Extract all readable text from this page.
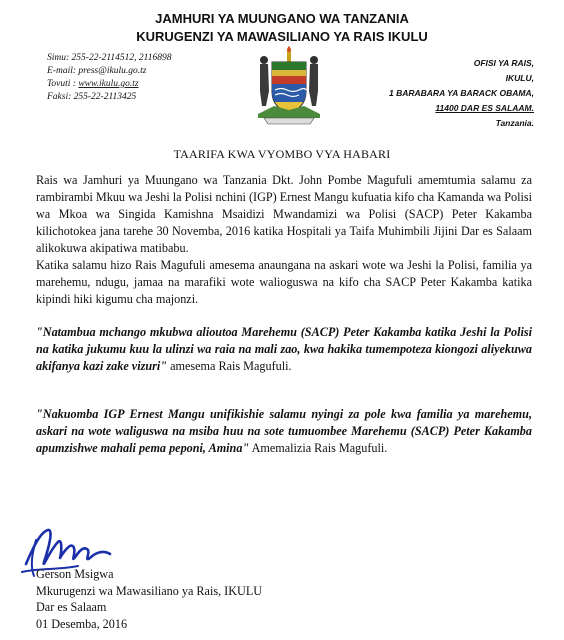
JAMHURI YA MUUNGANO WA TANZANIA
KURUGENZI YA MAWASILIANO YA RAIS IKULU
Simu: 255-22-2114512, 2116898
E-mail: press@ikulu.go.tz
Tovuti : www.ikulu.go.tz
Faksi: 255-22-2113425
OFISI YA RAIS,
IKULU,
1 BARABARA YA BARACK OBAMA,
11400 DAR ES SALAAM.
Tanzania.
TAARIFA KWA VYOMBO VYA HABARI
Rais wa Jamhuri ya Muungano wa Tanzania Dkt. John Pombe Magufuli amemtumia salamu za rambirambi Mkuu wa Jeshi la Polisi nchini (IGP) Ernest Mangu kufuatia kifo cha Kamanda wa Polisi wa Mkoa wa Singida Kamishna Msaidizi Mwandamizi wa Polisi (SACP) Peter Kakamba kilichotokea jana tarehe 30 Novemba, 2016 katika Hospitali ya Taifa Muhimbili Jijini Dar es Salaam alikokuwa akipatiwa matibabu.
Katika salamu hizo Rais Magufuli amesema anaungana na askari wote wa Jeshi la Polisi, familia ya marehemu, ndugu, jamaa na marafiki wote walioguswa na kifo cha SACP Peter Kakamba katika kipindi hiki kigumu cha majonzi.
"Natambua mchango mkubwa alioutoa Marehemu (SACP) Peter Kakamba katika Jeshi la Polisi na katika jukumu kuu la ulinzi wa raia na mali zao, kwa hakika tumempoteza kiongozi aliyekuwa akifanya kazi zake vizuri" amesema Rais Magufuli.
"Nakuomba IGP Ernest Mangu unifikishie salamu nyingi za pole kwa familia ya marehemu, askari na wote waliguswa na msiba huu na sote tumuombee Marehemu (SACP) Peter Kakamba apumzishwe mahali pema peponi, Amina" Amemalizia Rais Magufuli.
Gerson Msigwa
Mkurugenzi wa Mawasiliano ya Rais, IKULU
Dar es Salaam
01 Desemba, 2016
